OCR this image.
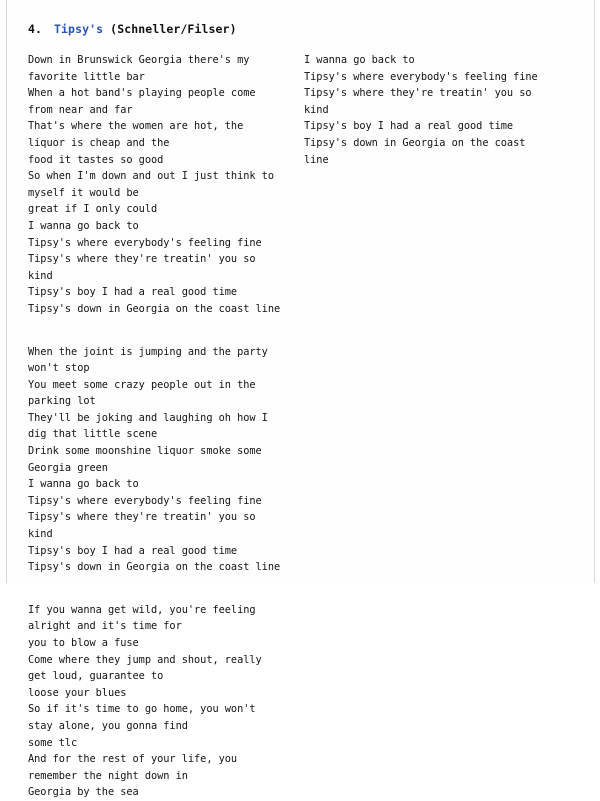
4.	Tipsy's (Schneller/Filser)
Down in Brunswick Georgia there's my favorite little bar
When a hot band's playing people come from near and far
That's where the women are hot, the liquor is cheap and the
food it tastes so good
So when I'm down and out I just think to myself it would be
great if I only could
I wanna go back to
Tipsy's where everybody's feeling fine
Tipsy's where they're treatin' you so kind
Tipsy's boy I had a real good time
Tipsy's down in Georgia on the coast line
When the joint is jumping and the party won't stop
You meet some crazy people out in the parking lot
They'll be joking and laughing oh how I dig that little scene
Drink some moonshine liquor smoke some Georgia green
I wanna go back to
Tipsy's where everybody's feeling fine
Tipsy's where they're treatin' you so kind
Tipsy's boy I had a real good time
Tipsy's down in Georgia on the coast line
If you wanna get wild, you're feeling alright and it's time for
you to blow a fuse
Come where they jump and shout, really get loud, guarantee to
loose your blues
So if it's time to go home, you won't stay alone, you gonna find
some tlc
And for the rest of your life, you remember the night down in
Georgia by the sea
I wanna go back to
Tipsy's where everybody's feeling fine
Tipsy's where they're treatin' you so kind
Tipsy's boy I had a real good time
Tipsy's down in Georgia on the coast line
